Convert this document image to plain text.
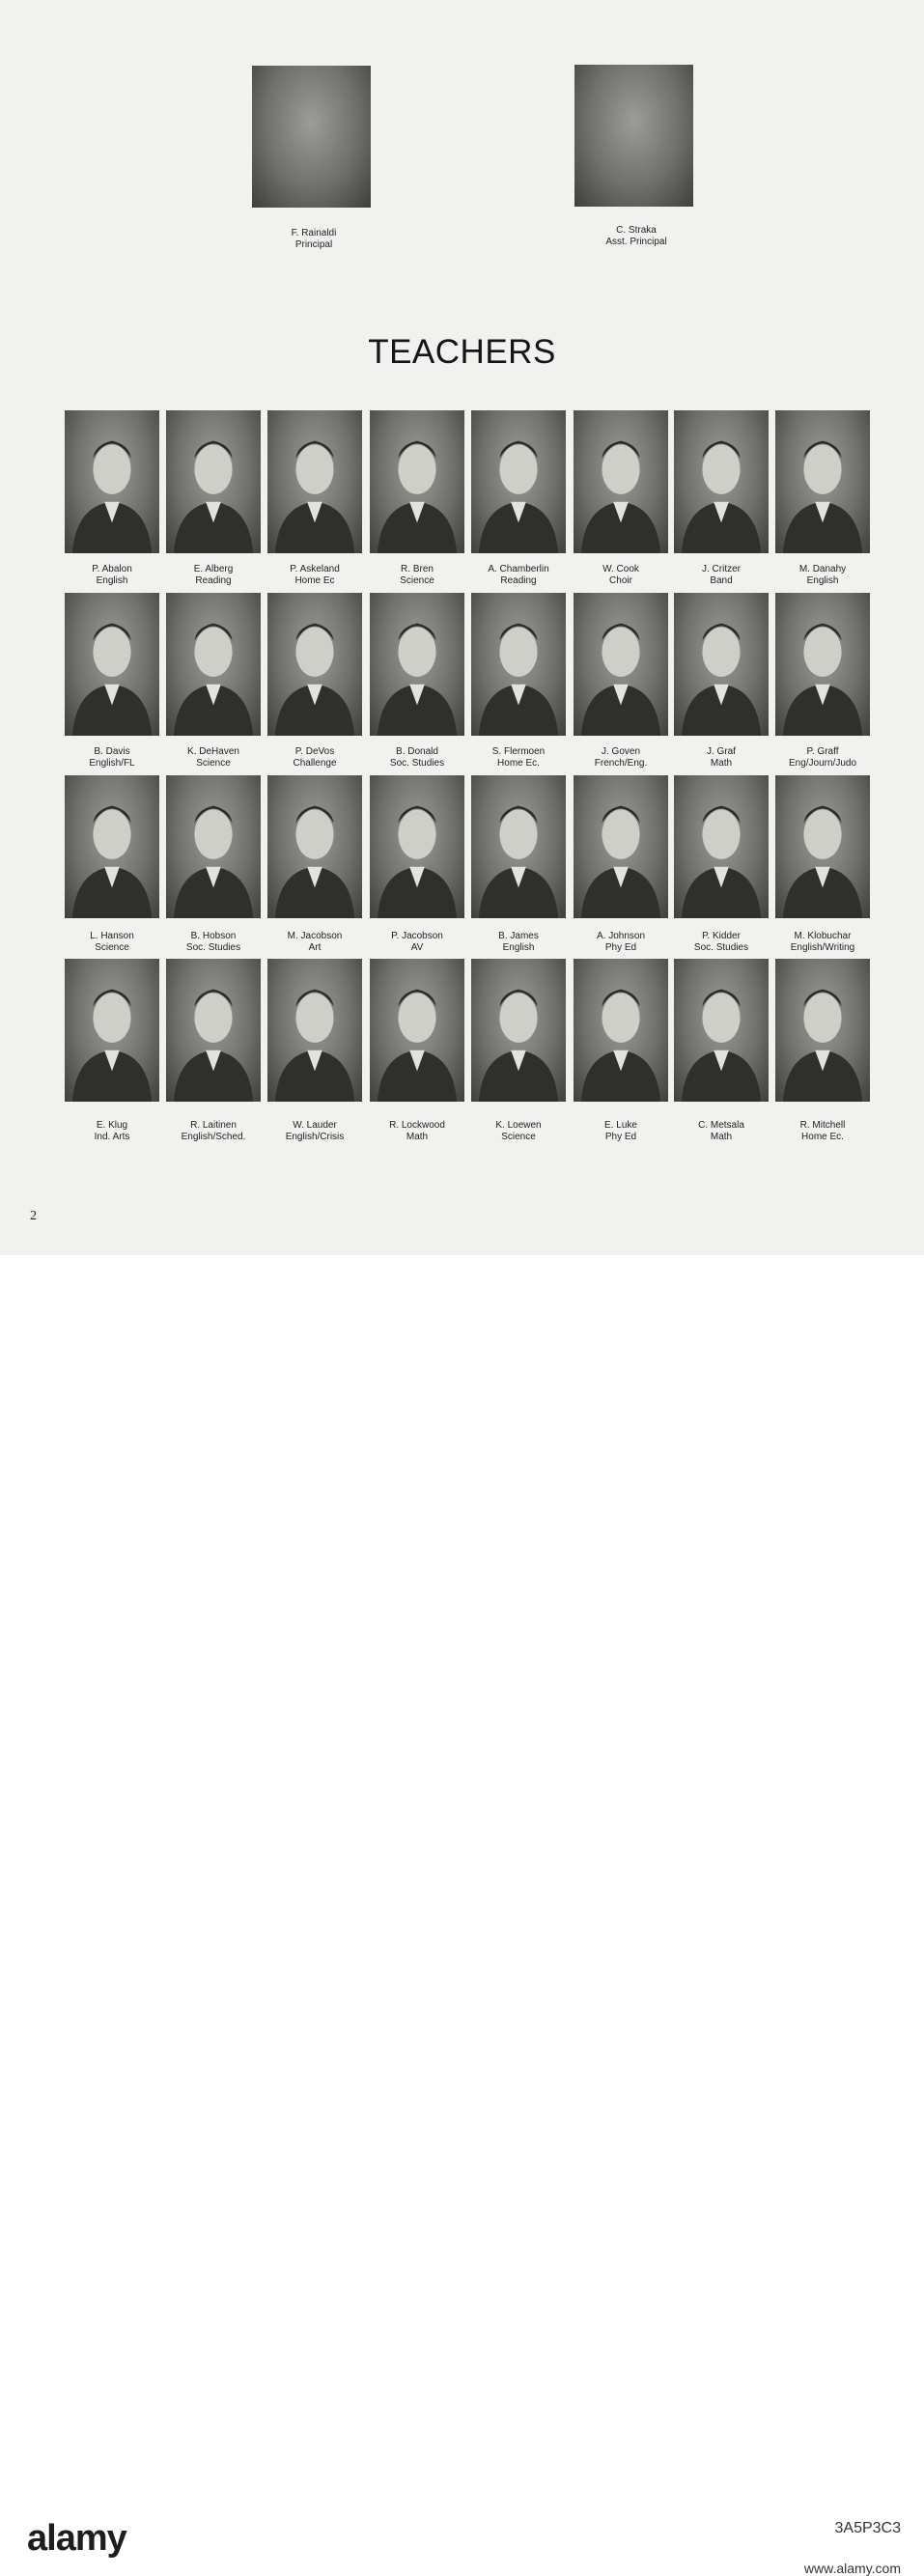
F. Rainaldi
Principal
C. Straka
Asst. Principal
TEACHERS
P. Abalon
English
E. Alberg
Reading
P. Askeland
Home Ec
R. Bren
Science
A. Chamberlin
Reading
W. Cook
Choir
J. Critzer
Band
M. Danahy
English
B. Davis
English/FL
K. DeHaven
Science
P. DeVos
Challenge
B. Donald
Soc. Studies
S. Flermoen
Home Ec.
J. Goven
French/Eng.
J. Graf
Math
P. Graff
Eng/Journ/Judo
L. Hanson
Science
B. Hobson
Soc. Studies
M. Jacobson
Art
P. Jacobson
AV
B. James
English
A. Johnson
Phy Ed
P. Kidder
Soc. Studies
M. Klobuchar
English/Writing
E. Klug
Ind. Arts
R. Laitinen
English/Sched.
W. Lauder
English/Crisis
R. Lockwood
Math
K. Loewen
Science
E. Luke
Phy Ed
C. Metsala
Math
R. Mitchell
Home Ec.
2
alamy	3A5P3C3
www.alamy.com
